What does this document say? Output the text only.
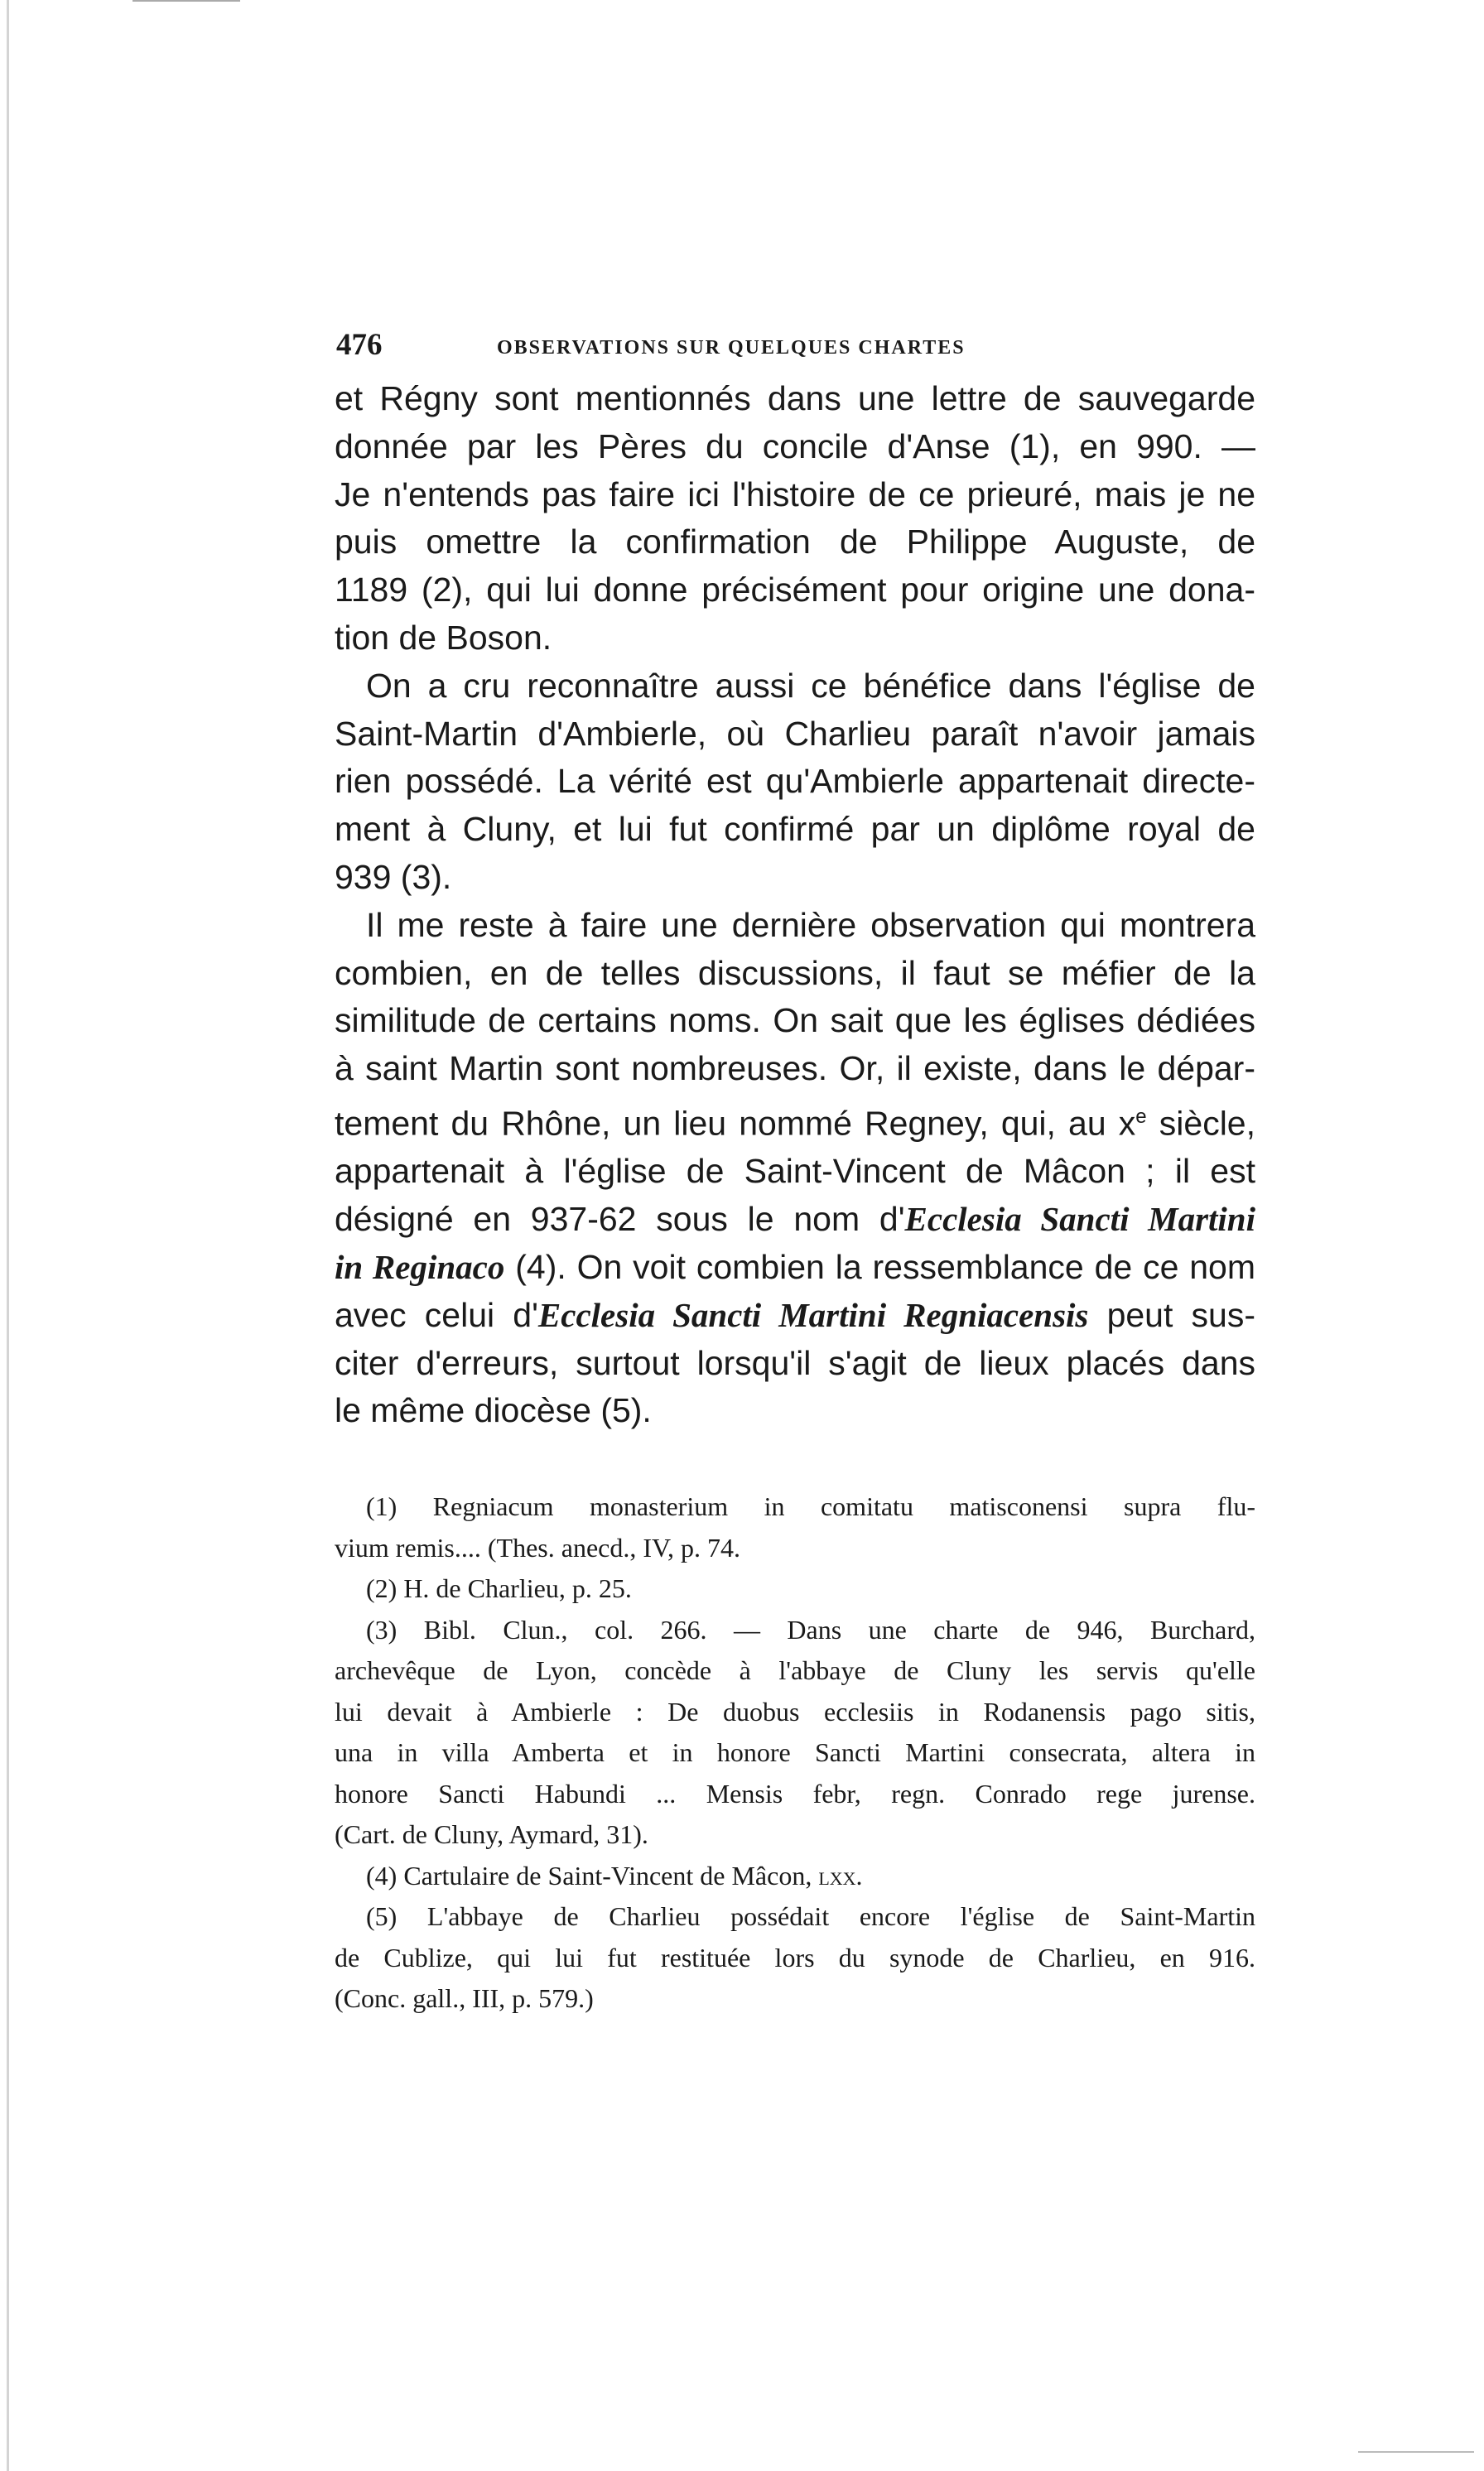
476	OBSERVATIONS SUR QUELQUES CHARTES
et Régny sont mentionnés dans une lettre de sauvegarde
donnée par les Pères du concile d'Anse (1), en 990. —
Je n'entends pas faire ici l'histoire de ce prieuré, mais je ne
puis omettre la confirmation de Philippe Auguste, de
1189 (2), qui lui donne précisément pour origine une dona-
tion de Boson.
On a cru reconnaître aussi ce bénéfice dans l'église de
Saint-Martin d'Ambierle, où Charlieu paraît n'avoir jamais
rien possédé. La vérité est qu'Ambierle appartenait directe-
ment à Cluny, et lui fut confirmé par un diplôme royal de
939 (3).
Il me reste à faire une dernière observation qui montrera
combien, en de telles discussions, il faut se méfier de la
similitude de certains noms. On sait que les églises dédiées
à saint Martin sont nombreuses. Or, il existe, dans le dépar-
tement du Rhône, un lieu nommé Regney, qui, au $x^e$ siècle,
appartenait à l'église de Saint-Vincent de Mâcon ; il est
désigné en 937-62 sous le nom d'Ecclesia Sancti Martini
in Reginaco (4). On voit combien la ressemblance de ce nom
avec celui d'Ecclesia Sancti Martini Regniacensis peut sus-
citer d'erreurs, surtout lorsqu'il s'agit de lieux placés dans
le même diocèse (5).
(1) Regniacum monasterium in comitatu matisconensi supra flu-
vium remis.... (Thes. anecd., IV, p. 74.
(2) H. de Charlieu, p. 25.
(3) Bibl. Clun., col. 266. — Dans une charte de 946, Burchard,
archevêque de Lyon, concède à l'abbaye de Cluny les servis qu'elle
lui devait à Ambierle : De duobus ecclesiis in Rodanensis pago sitis,
una in villa Amberta et in honore Sancti Martini consecrata, altera in
honore Sancti Habundi ... Mensis febr, regn. Conrado rege jurense.
(Cart. de Cluny, Aymard, 31).
(4) Cartulaire de Saint-Vincent de Mâcon, lxx.
(5) L'abbaye de Charlieu possédait encore l'église de Saint-Martin
de Cublize, qui lui fut restituée lors du synode de Charlieu, en 916.
(Conc. gall., III, p. 579.)
